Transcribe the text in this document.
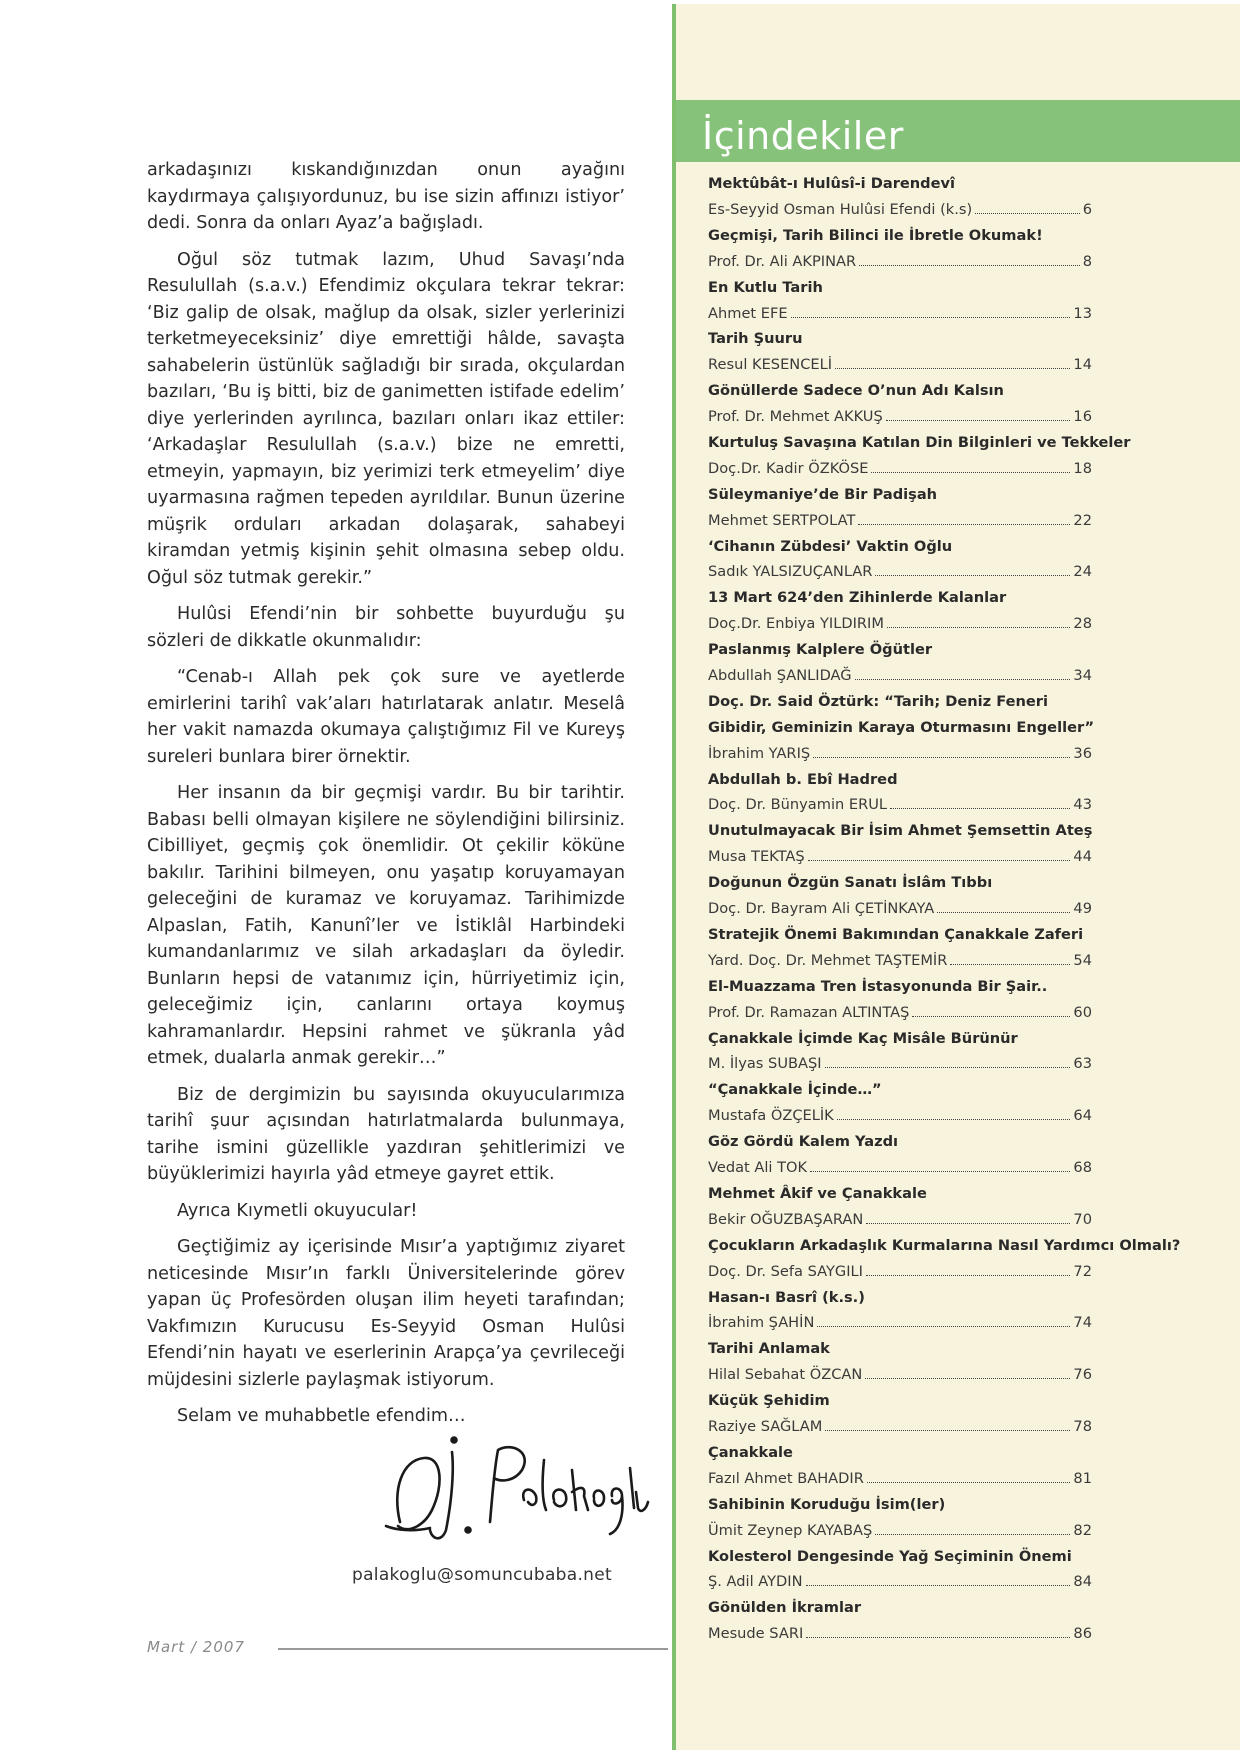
arkadaşınızı kıskandığınızdan onun ayağını kaydırmaya çalışıyordunuz, bu ise sizin affınızı istiyor’ dedi. Sonra da onları Ayaz’a bağışladı.

Oğul söz tutmak lazım, Uhud Savaşı’nda Resulullah (s.a.v.) Efendimiz okçulara tekrar tekrar: ‘Biz galip de olsak, mağlup da olsak, sizler yerlerinizi terketmeyeceksiniz’ diye emrettiği hâlde, savaşta sahabelerin üstünlük sağladığı bir sırada, okçulardan bazıları, ‘Bu iş bitti, biz de ganimetten istifade edelim’ diye yerlerinden ayrılınca, bazıları onları ikaz ettiler: ‘Arkadaşlar Resulullah (s.a.v.) bize ne emretti, etmeyin, yapmayın, biz yerimizi terk etmeyelim’ diye uyarmasına rağmen tepeden ayrıldılar. Bunun üzerine müşrik orduları arkadan dolaşarak, sahabeyi kiramdan yetmiş kişinin şehit olmasına sebep oldu. Oğul söz tutmak gerekir.”

Hulûsi Efendi’nin bir sohbette buyurduğu şu sözleri de dikkatle okunmalıdır:

“Cenab-ı Allah pek çok sure ve ayetlerde emirlerini tarihî vak’aları hatırlatarak anlatır. Meselâ her vakit namazda okumaya çalıştığımız Fil ve Kureyş sureleri bunlara birer örnektir.

Her insanın da bir geçmişi vardır. Bu bir tarihtir. Babası belli olmayan kişilere ne söylendiğini bilirsiniz. Cibilliyet, geçmiş çok önemlidir. Ot çekilir köküne bakılır. Tarihini bilmeyen, onu yaşatıp koruyamayan geleceğini de kuramaz ve koruyamaz. Tarihimizde Alpaslan, Fatih, Kanunî’ler ve İstiklâl Harbindeki kumandanlarımız ve silah arkadaşları da öyledir. Bunların hepsi de vatanımız için, hürriyetimiz için, geleceğimiz için, canlarını ortaya koymuş kahramanlardır. Hepsini rahmet ve şükranla yâd etmek, dualarla anmak gerekir…”

Biz de dergimizin bu sayısında okuyucularımıza tarihî şuur açısından hatırlatmalarda bulunmaya, tarihe ismini güzellikle yazdıran şehitlerimizi ve büyüklerimizi hayırla yâd etmeye gayret ettik.

Ayrıca Kıymetli okuyucular!

Geçtiğimiz ay içerisinde Mısır’a yaptığımız ziyaret neticesinde Mısır’ın farklı Üniversitelerinde görev yapan üç Profesörden oluşan ilim heyeti tarafından; Vakfımızın Kurucusu Es-Seyyid Osman Hulûsi Efendi’nin hayatı ve eserlerinin Arapça’ya çevrileceği müjdesini sizlerle paylaşmak istiyorum.

Selam ve muhabbetle efendim…

palakoglu@somuncubaba.net
Mart / 2007
İçindekiler
Mektûbât-ı Hulûsî-i Darendevî
Es-Seyyid Osman Hulûsi Efendi (k.s)	6
Geçmişi, Tarih Bilinci ile İbretle Okumak!
Prof. Dr. Ali AKPINAR	8
En Kutlu Tarih
Ahmet EFE	13
Tarih Şuuru
Resul KESENCELİ	14
Gönüllerde Sadece O’nun Adı Kalsın
Prof. Dr. Mehmet AKKUŞ	16
Kurtuluş Savaşına Katılan Din Bilginleri ve Tekkeler
Doç.Dr. Kadir ÖZKÖSE	18
Süleymaniye’de Bir Padişah
Mehmet SERTPOLAT	22
‘Cihanın Zübdesi’ Vaktin Oğlu
Sadık YALSIZUÇANLAR	24
13 Mart 624’den Zihinlerde Kalanlar
Doç.Dr. Enbiya YILDIRIM	28
Paslanmış Kalplere Öğütler
Abdullah ŞANLIDAĞ	34
Doç. Dr. Said Öztürk: “Tarih; Deniz Feneri Gibidir, Geminizin Karaya Oturmasını Engeller”
İbrahim YARIŞ	36
Abdullah b. Ebî Hadred
Doç. Dr. Bünyamin ERUL	43
Unutulmayacak Bir İsim Ahmet Şemsettin Ateş
Musa TEKTAŞ	44
Doğunun Özgün Sanatı İslâm Tıbbı
Doç. Dr. Bayram Ali ÇETİNKAYA	49
Stratejik Önemi Bakımından Çanakkale Zaferi
Yard. Doç. Dr. Mehmet TAŞTEMİR	54
El-Muazzama Tren İstasyonunda Bir Şair..
Prof. Dr. Ramazan ALTINTAŞ	60
Çanakkale İçimde Kaç Misâle Bürünür
M. İlyas SUBAŞI	63
“Çanakkale İçinde…”
Mustafa ÖZÇELİK	64
Göz Gördü Kalem Yazdı
Vedat Ali TOK	68
Mehmet Âkif ve Çanakkale
Bekir OĞUZBAŞARAN	70
Çocukların Arkadaşlık Kurmalarına Nasıl Yardımcı Olmalı?
Doç. Dr. Sefa SAYGILI	72
Hasan-ı Basrî (k.s.)
İbrahim ŞAHİN	74
Tarihi Anlamak
Hilal Sebahat ÖZCAN	76
Küçük Şehidim
Raziye SAĞLAM	78
Çanakkale
Fazıl Ahmet BAHADIR	81
Sahibinin Koruduğu İsim(ler)
Ümit Zeynep KAYABAŞ	82
Kolesterol Dengesinde Yağ Seçiminin Önemi
Ş. Adil AYDIN	84
Gönülden İkramlar
Mesude SARI	86
